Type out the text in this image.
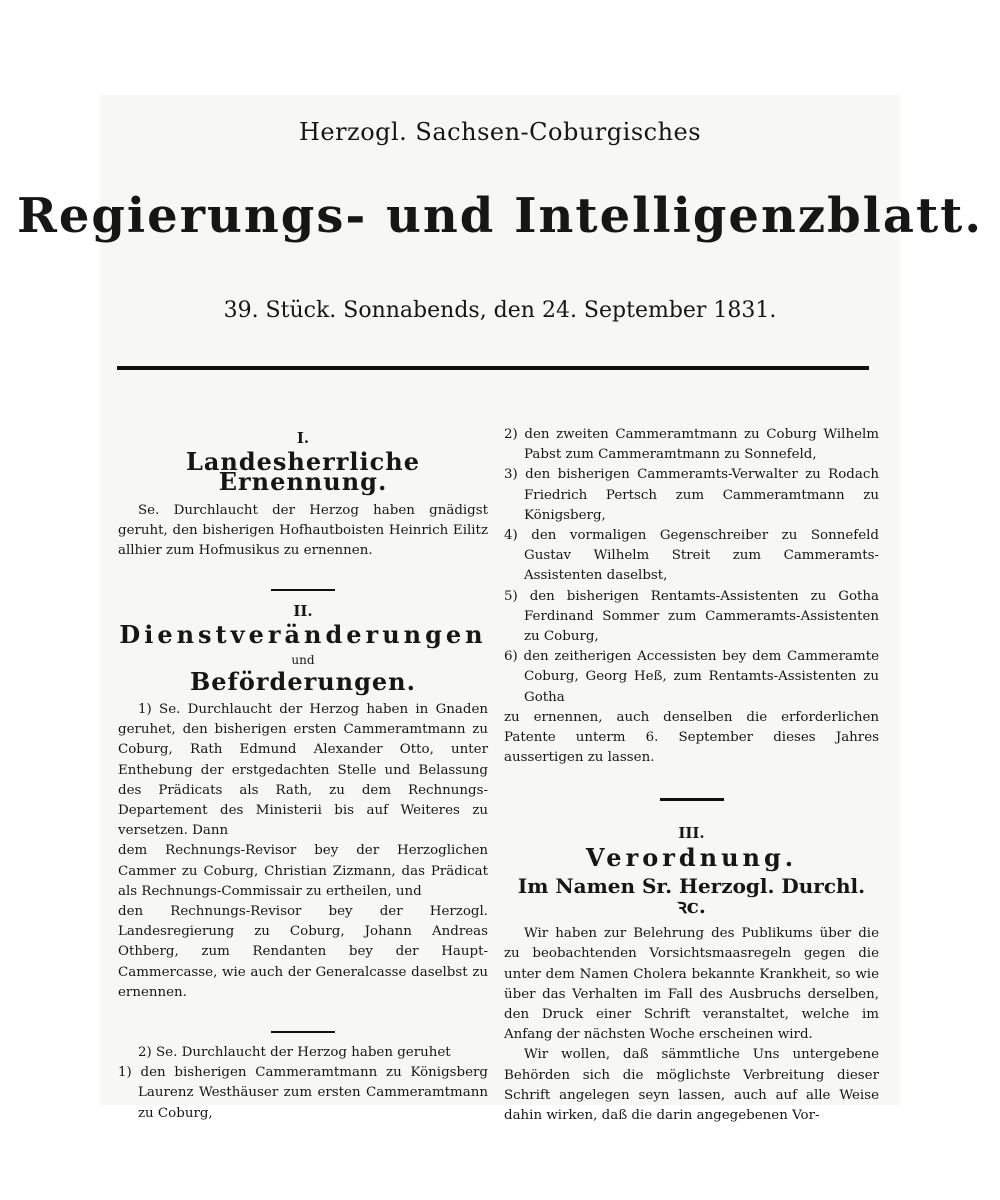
Herzogl. Sachsen-Coburgisches
Regierungs- und Intelligenzblatt.
39. Stück. Sonnabends, den 24. September 1831.
I.
Landesherrliche Ernennung.

Se. Durchlaucht der Herzog haben gnädigst geruht, den bisherigen Hofhautboisten Heinrich Eilitz allhier zum Hofmusikus zu ernennen.

II.
Dienstveränderungen
und
Beförderungen.

1) Se. Durchlaucht der Herzog haben in Gnaden geruhet, den bisherigen ersten Cammeramtmann zu Coburg, Rath Edmund Alexander Otto, unter Enthebung der erstgedachten Stelle und Belassung des Prädicats als Rath, zu dem Rechnungs-Departement des Ministerii bis auf Weiteres zu versetzen. Dann

dem Rechnungs-Revisor bey der Herzoglichen Cammer zu Coburg, Christian Zizmann, das Prädicat als Rechnungs-Commissair zu ertheilen, und

den Rechnungs-Revisor bey der Herzogl. Landesregierung zu Coburg, Johann Andreas Othberg, zum Rendanten bey der Haupt-Cammercasse, wie auch der Generalcasse daselbst zu ernennen.

2) Se. Durchlaucht der Herzog haben geruhet

1) den bisherigen Cammeramtmann zu Königsberg Laurenz Westhäuser zum ersten Cammeramtmann zu Coburg,

2) den zweiten Cammeramtmann zu Coburg Wilhelm Pabst zum Cammeramtmann zu Sonnefeld,

3) den bisherigen Cammeramts-Verwalter zu Rodach Friedrich Pertsch zum Cammeramtmann zu Königsberg,

4) den vormaligen Gegenschreiber zu Sonnefeld Gustav Wilhelm Streit zum Cammeramts-Assistenten daselbst,

5) den bisherigen Rentamts-Assistenten zu Gotha Ferdinand Sommer zum Cammeramts-Assistenten zu Coburg,

6) den zeitherigen Accessisten bey dem Cammeramte Coburg, Georg Heß, zum Rentamts-Assistenten zu Gotha

zu ernennen, auch denselben die erforderlichen Patente unterm 6. September dieses Jahres aussertigen zu lassen.

III.
Verordnung.
Im Namen Sr. Herzogl. Durchl. ꝛc.

Wir haben zur Belehrung des Publikums über die zu beobachtenden Vorsichtsmaasregeln gegen die unter dem Namen Cholera bekannte Krankheit, so wie über das Verhalten im Fall des Ausbruchs derselben, den Druck einer Schrift veranstaltet, welche im Anfang der nächsten Woche erscheinen wird.

Wir wollen, daß sämmtliche Uns untergebene Behörden sich die möglichste Verbreitung dieser Schrift angelegen seyn lassen, auch auf alle Weise dahin wirken, daß die darin angegebenen Vor-
